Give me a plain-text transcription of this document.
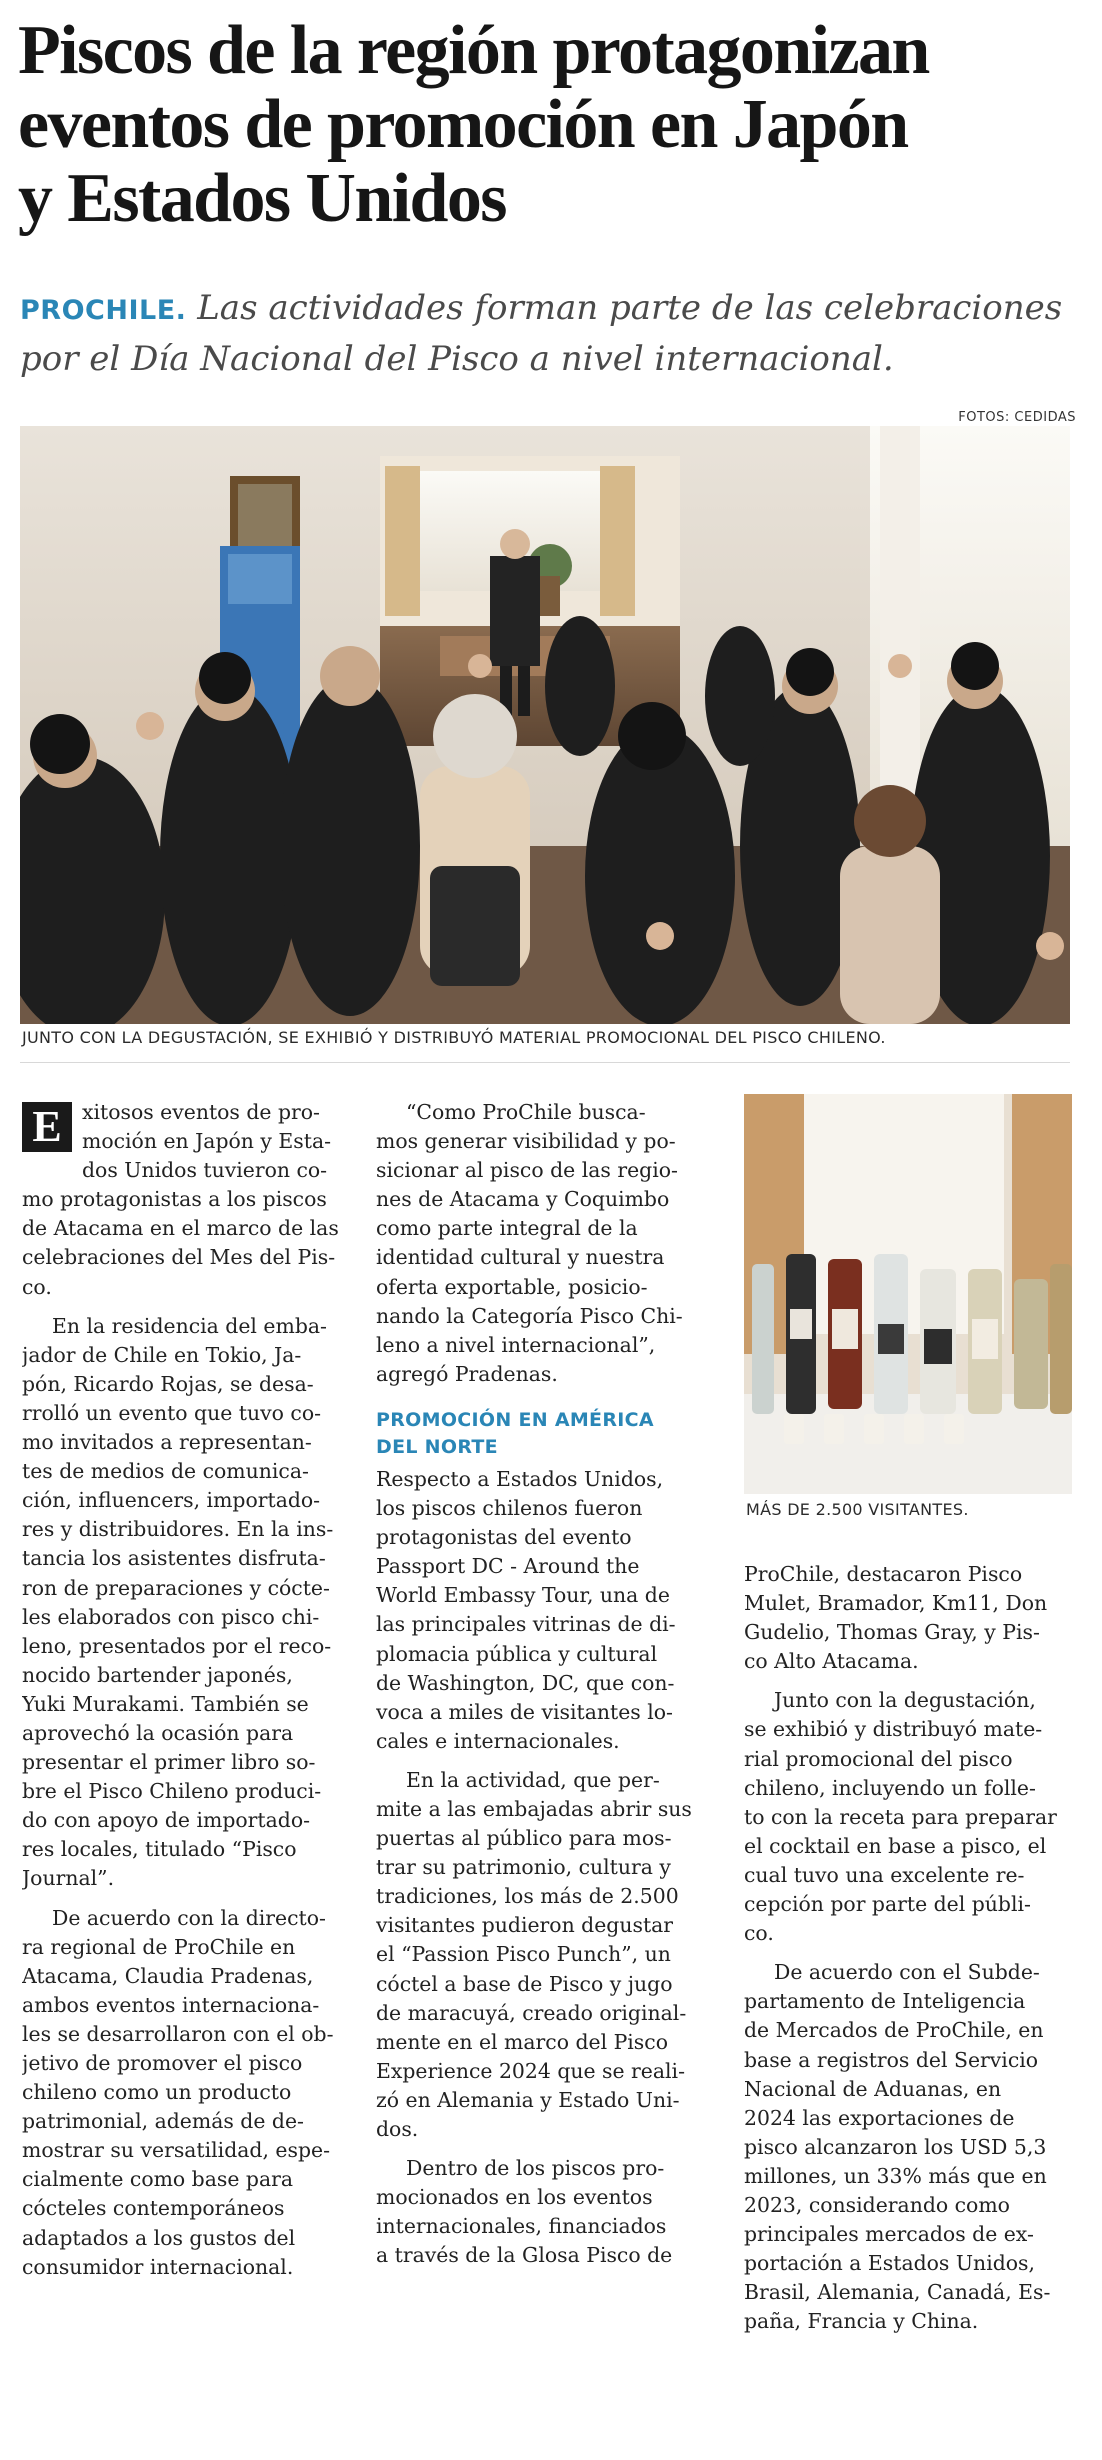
Piscos de la región protagonizan
eventos de promoción en Japón
y Estados Unidos
PROCHILE. Las actividades forman parte de las celebraciones
por el Día Nacional del Pisco a nivel internacional.
FOTOS: CEDIDAS
JUNTO CON LA DEGUSTACIÓN, SE EXHIBIÓ Y DISTRIBUYÓ MATERIAL PROMOCIONAL DEL PISCO CHILENO.
E xitosos eventos de pro-
moción en Japón y Esta-
dos Unidos tuvieron co-
mo protagonistas a los piscos
de Atacama en el marco de las
celebraciones del Mes del Pis-
co.
En la residencia del emba-
jador de Chile en Tokio, Ja-
pón, Ricardo Rojas, se desa-
rrolló un evento que tuvo co-
mo invitados a representan-
tes de medios de comunica-
ción, influencers, importado-
res y distribuidores. En la ins-
tancia los asistentes disfruta-
ron de preparaciones y cócte-
les elaborados con pisco chi-
leno, presentados por el reco-
nocido bartender japonés,
Yuki Murakami. También se
aprovechó la ocasión para
presentar el primer libro so-
bre el Pisco Chileno produci-
do con apoyo de importado-
res locales, titulado “Pisco
Journal”.
De acuerdo con la directo-
ra regional de ProChile en
Atacama, Claudia Pradenas,
ambos eventos internaciona-
les se desarrollaron con el ob-
jetivo de promover el pisco
chileno como un producto
patrimonial, además de de-
mostrar su versatilidad, espe-
cialmente como base para
cócteles contemporáneos
adaptados a los gustos del
consumidor internacional.
“Como ProChile busca-
mos generar visibilidad y po-
sicionar al pisco de las regio-
nes de Atacama y Coquimbo
como parte integral de la
identidad cultural y nuestra
oferta exportable, posicio-
nando la Categoría Pisco Chi-
leno a nivel internacional”,
agregó Pradenas.
PROMOCIÓN EN AMÉRICA
DEL NORTE
Respecto a Estados Unidos,
los piscos chilenos fueron
protagonistas del evento
Passport DC - Around the
World Embassy Tour, una de
las principales vitrinas de di-
plomacia pública y cultural
de Washington, DC, que con-
voca a miles de visitantes lo-
cales e internacionales.
En la actividad, que per-
mite a las embajadas abrir sus
puertas al público para mos-
trar su patrimonio, cultura y
tradiciones, los más de 2.500
visitantes pudieron degustar
el “Passion Pisco Punch”, un
cóctel a base de Pisco y jugo
de maracuyá, creado original-
mente en el marco del Pisco
Experience 2024 que se reali-
zó en Alemania y Estado Uni-
dos.
Dentro de los piscos pro-
mocionados en los eventos
internacionales, financiados
a través de la Glosa Pisco de
MÁS DE 2.500 VISITANTES.
ProChile, destacaron Pisco
Mulet, Bramador, Km11, Don
Gudelio, Thomas Gray, y Pis-
co Alto Atacama.
Junto con la degustación,
se exhibió y distribuyó mate-
rial promocional del pisco
chileno, incluyendo un folle-
to con la receta para preparar
el cocktail en base a pisco, el
cual tuvo una excelente re-
cepción por parte del públi-
co.
De acuerdo con el Subde-
partamento de Inteligencia
de Mercados de ProChile, en
base a registros del Servicio
Nacional de Aduanas, en
2024 las exportaciones de
pisco alcanzaron los USD 5,3
millones, un 33% más que en
2023, considerando como
principales mercados de ex-
portación a Estados Unidos,
Brasil, Alemania, Canadá, Es-
paña, Francia y China.
